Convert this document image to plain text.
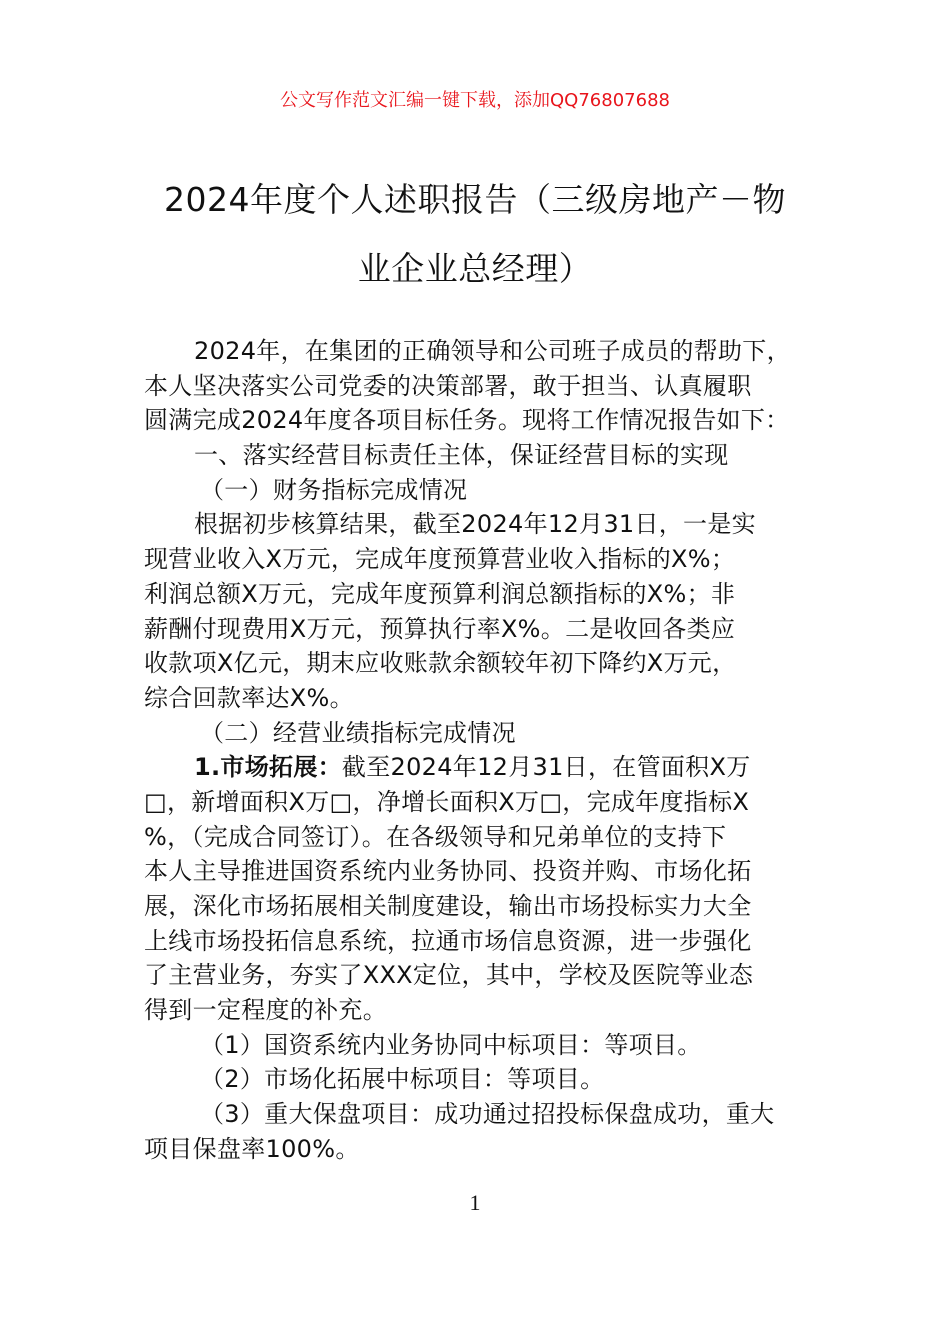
公文写作范文汇编一键下载，添加QQ76807688
2024年度个人述职报告（三级房地产－物
业企业总经理）
2024年，在集团的正确领导和公司班子成员的帮助下，
本人坚决落实公司党委的决策部署，敢于担当、认真履职
圆满完成2024年度各项目标任务。现将工作情况报告如下：
一、落实经营目标责任主体，保证经营目标的实现
（一）财务指标完成情况
根据初步核算结果，截至2024年12月31日，一是实
现营业收入X万元，完成年度预算营业收入指标的X%；
利润总额X万元，完成年度预算利润总额指标的X%；非
薪酬付现费用X万元，预算执行率X%。二是收回各类应
收款项X亿元，期末应收账款余额较年初下降约X万元，
综合回款率达X%。
（二）经营业绩指标完成情况
1.市场拓展：截至2024年12月31日，在管面积X万
□，新增面积X万□，净增长面积X万□，完成年度指标X
%，（完成合同签订）。在各级领导和兄弟单位的支持下
本人主导推进国资系统内业务协同、投资并购、市场化拓
展，深化市场拓展相关制度建设，输出市场投标实力大全
上线市场投拓信息系统，拉通市场信息资源，进一步强化
了主营业务，夯实了XXX定位，其中，学校及医院等业态
得到一定程度的补充。
（1）国资系统内业务协同中标项目：等项目。
（2）市场化拓展中标项目：等项目。
（3）重大保盘项目：成功通过招投标保盘成功，重大
项目保盘率100%。
1
